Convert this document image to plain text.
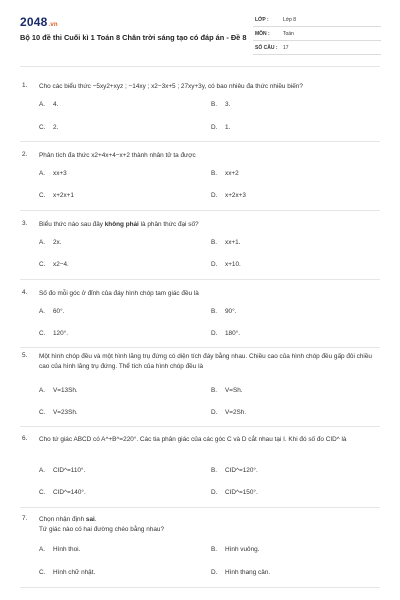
2048.vn
Bộ 10 đề thi Cuối kì 1 Toán 8 Chân trời sáng tạo có đáp án - Đề 8
LỚP :	Lớp 8
MÔN :	Toán
SỐ CÂU : 17
1. Cho các biểu thức −5xy2+xyz ; −14xy ; x2−3x+5 ; 27xy+3y, có bao nhiêu đa thức nhiều biến?
A. 4.	B. 3.
C. 2.	D. 1.
2. Phân tích đa thức x2+4x+4−x+2 thành nhân tử ta được
A. xx+3	B. xx+2
C. x+2x+1	D. x+2x+3
3. Biểu thức nào sau đây không phải là phân thức đại số?
A. 2x.	B. xx+1.
C. x2−4.	D. x+10.
4. Số đo mỗi góc ở đỉnh của đáy hình chóp tam giác đều là
A. 60°.	B. 90°.
C. 120°.	D. 180°.
5. Một hình chóp đều và một hình lăng trụ đứng có diện tích đáy bằng nhau. Chiều cao của hình chóp đều gấp đôi chiều cao của hình lăng trụ đứng. Thể tích của hình chóp đều là
A. V=13Sh.	B. V=Sh.
C. V=23Sh.	D. V=2Sh.
6. Cho tứ giác ABCD có A^+B^=220°. Các tia phân giác của các góc C và D cắt nhau tại I. Khi đó số đo CID^ là
A. CID^=110°.	B. CID^=120°.
C. CID^=140°.	D. CID^=150°.
7. Chọn nhận định sai.
Tứ giác nào có hai đường chéo bằng nhau?
A. Hình thoi.	B. Hình vuông.
C. Hình chữ nhật.	D. Hình thang cân.
